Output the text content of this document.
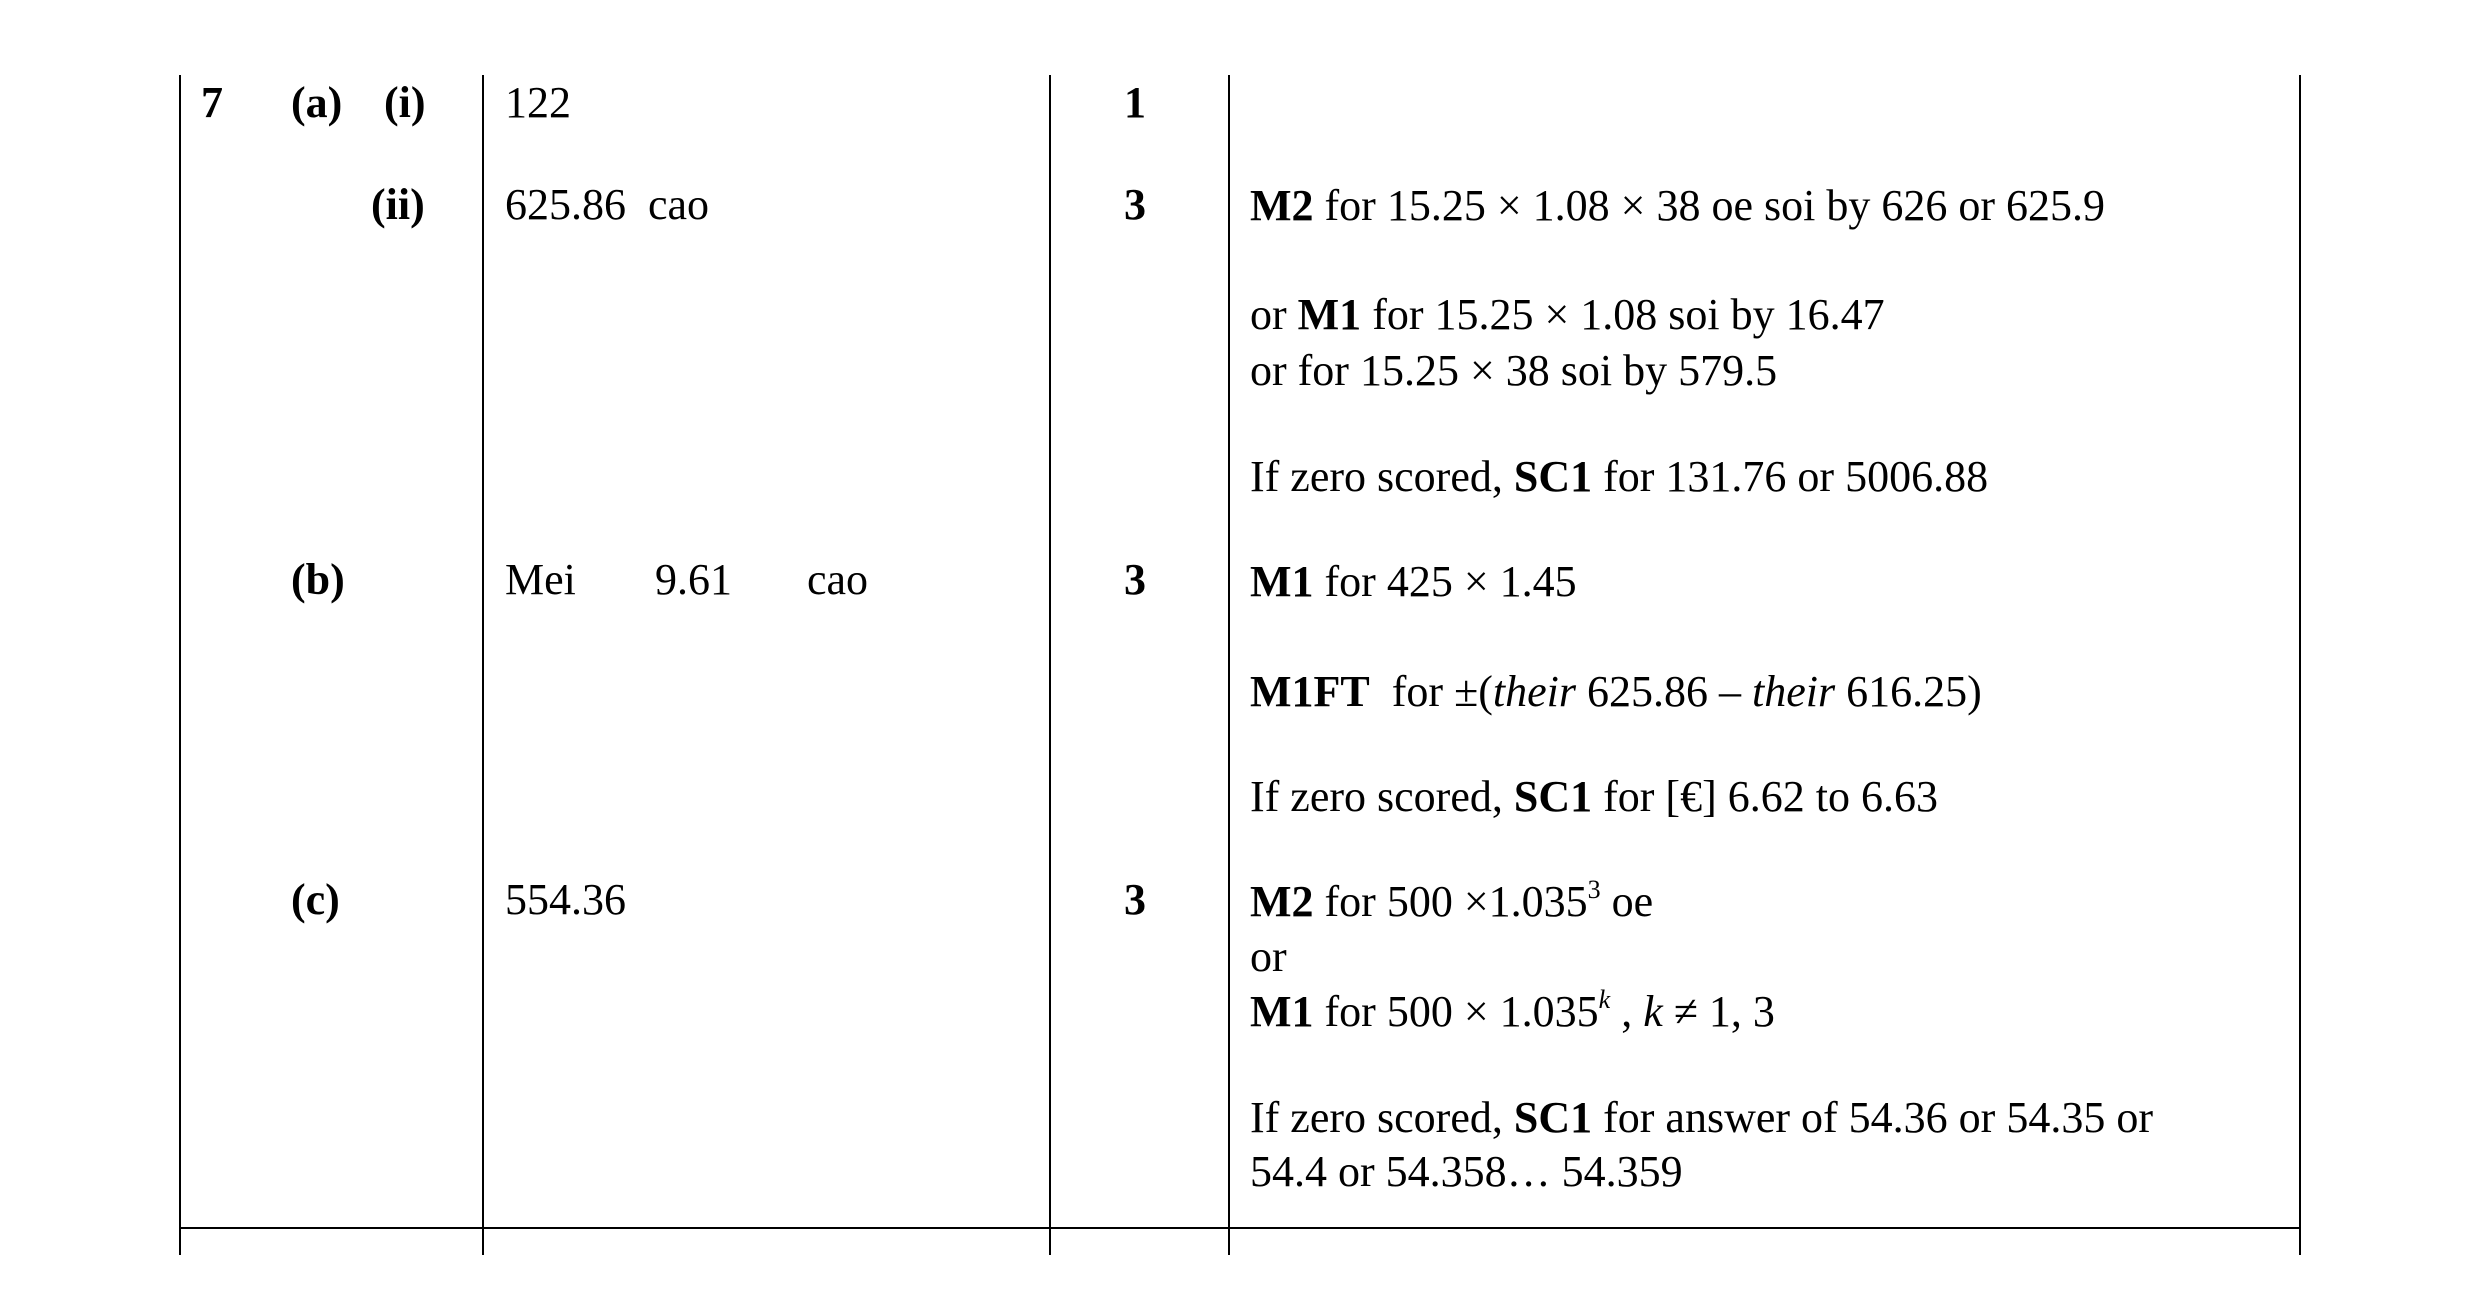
7 (a) (i)
(ii)
(b)
(c)
122
625.86 cao
Mei 9.61 cao
554.36
1
3
3
3
M2 for 15.25 × 1.08 × 38 oe soi by 626 or 625.9
or M1 for 15.25 × 1.08 soi by 16.47
or for 15.25 × 38 soi by 579.5
If zero scored, SC1 for 131.76 or 5006.88
M1 for 425 × 1.45
M1FT for ±(their 625.86 – their 616.25)
If zero scored, SC1 for [€] 6.62 to 6.63
M2 for $500 \times 1.035^3$ oe
or
M1 for $500 \times 1.035^k$ , k ≠ 1, 3
If zero scored, SC1 for answer of 54.36 or 54.35 or
54.4 or 54.358… 54.359
